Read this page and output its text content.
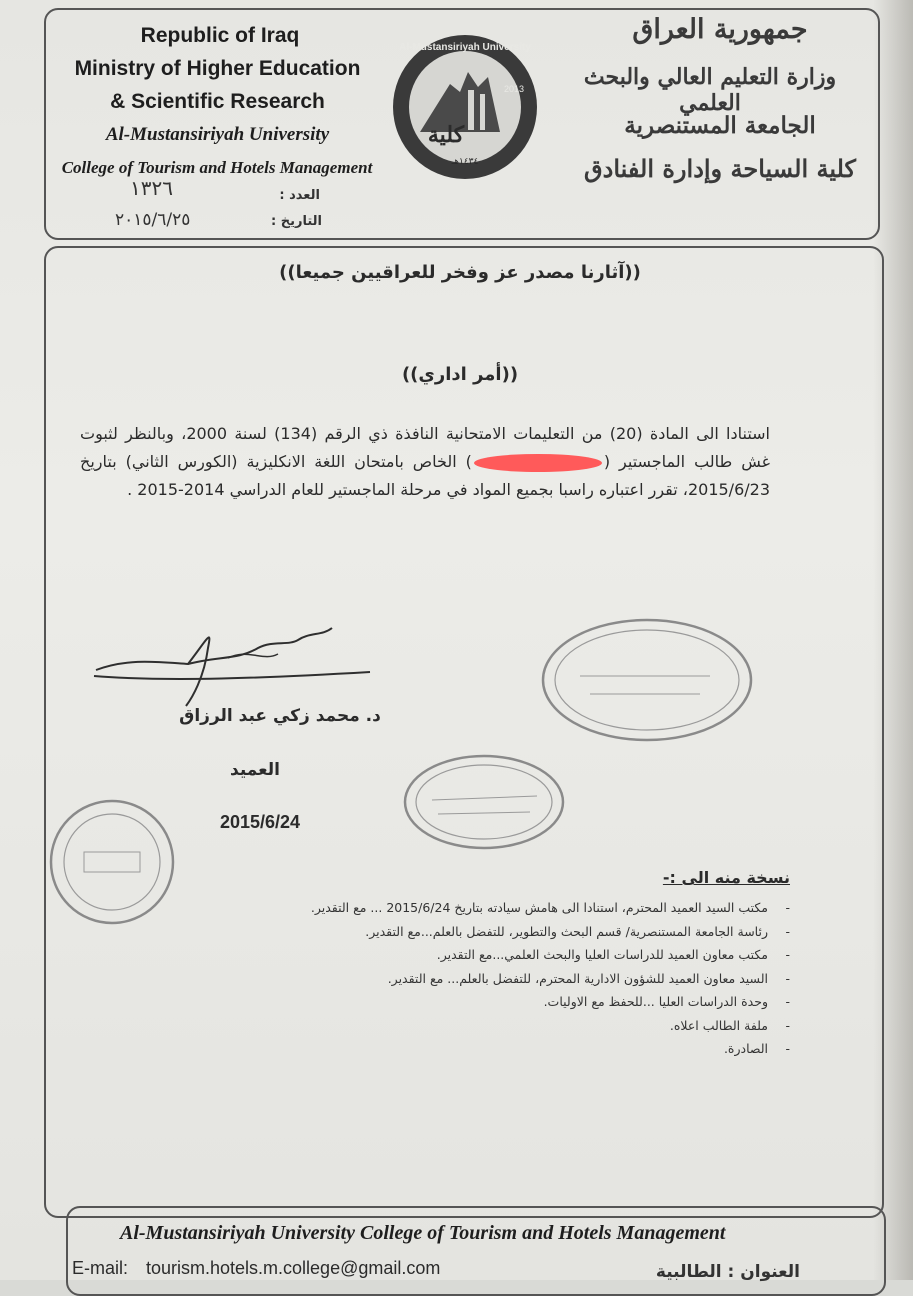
Republic of Iraq
Ministry of Higher Education
& Scientific Research
Al-Mustansiriyah University
College of Tourism and Hotels Management
العدد :
١٣٢٦
التاريخ :
٢٠١٥/٦/٢٥
جمهورية العراق
وزارة التعليم العالي والبحث العلمي
الجامعة المستنصرية
كلية السياحة وإدارة الفنادق
Al-Mustansiriyah University
2013
كلية
١٤٣٤هـ
((آثارنا مصدر عز وفخر للعراقيين جميعا))
((أمر اداري))
استنادا الى المادة (20) من التعليمات الامتحانية النافذة ذي الرقم (134) لسنة 2000، وبالنظر لثبوت غش طالب الماجستير () الخاص بامتحان اللغة الانكليزية (الكورس الثاني) بتاريخ 2015/6/23، تقرر اعتباره راسبا بجميع المواد في مرحلة الماجستير للعام الدراسي 2014-2015 .
د. محمد زكي عبد الرزاق
العميد
2015/6/24
نسخة منه الى :-
- مكتب السيد العميد المحترم، استنادا الى هامش سيادته بتاريخ 2015/6/24 ... مع التقدير.
- رئاسة الجامعة المستنصرية/ قسم البحث والتطوير، للتفضل بالعلم...مع التقدير.
- مكتب معاون العميد للدراسات العليا والبحث العلمي...مع التقدير.
- السيد معاون العميد للشؤون الادارية المحترم، للتفضل بالعلم... مع التقدير.
- وحدة الدراسات العليا ...للحفظ مع الاوليات.
- ملفة الطالب اعلاه.
- الصادرة.
Al-Mustansiriyah University College of Tourism and Hotels Management
E-mail: tourism.hotels.m.college@gmail.com	العنوان : الطالبية
